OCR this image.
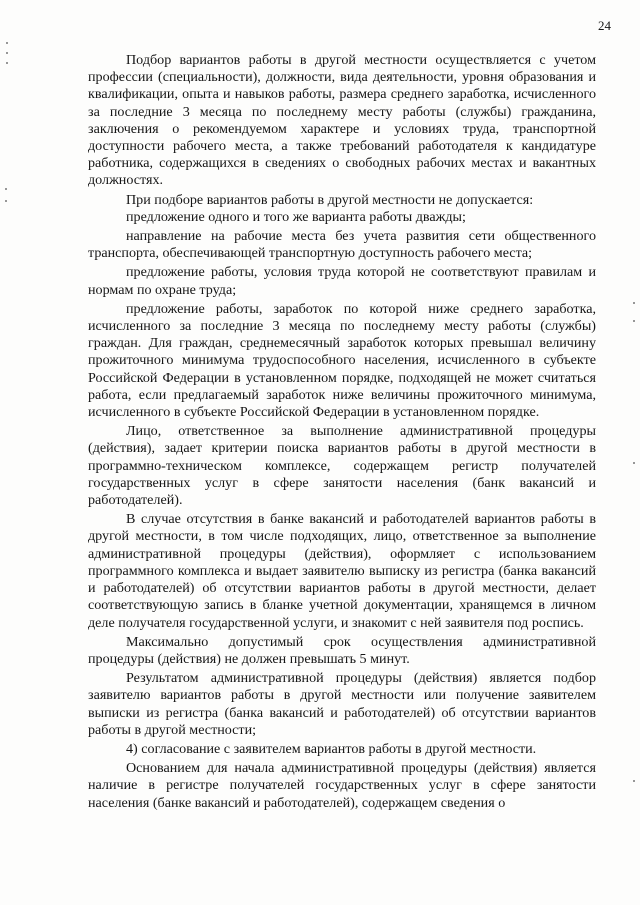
24

Подбор вариантов работы в другой местности осуществляется с учетом профессии (специальности), должности, вида деятельности, уровня образования и квалификации, опыта и навыков работы, размера среднего заработка, исчисленного за последние 3 месяца по последнему месту работы (службы) гражданина, заключения о рекомендуемом характере и условиях труда, транспортной доступности рабочего места, а также требований работодателя к кандидатуре работника, содержащихся в сведениях о свободных рабочих местах и вакантных должностях.

При подборе вариантов работы в другой местности не допускается:

предложение одного и того же варианта работы дважды;

направление на рабочие места без учета развития сети общественного транспорта, обеспечивающей транспортную доступность рабочего места;

предложение работы, условия труда которой не соответствуют правилам и нормам по охране труда;

предложение работы, заработок по которой ниже среднего заработка, исчисленного за последние 3 месяца по последнему месту работы (службы) граждан. Для граждан, среднемесячный заработок которых превышал величину прожиточного минимума трудоспособного населения, исчисленного в субъекте Российской Федерации в установленном порядке, подходящей не может считаться работа, если предлагаемый заработок ниже величины прожиточного минимума, исчисленного в субъекте Российской Федерации в установленном порядке.

Лицо, ответственное за выполнение административной процедуры (действия), задает критерии поиска вариантов работы в другой местности в программно-техническом комплексе, содержащем регистр получателей государственных услуг в сфере занятости населения (банк вакансий и работодателей).

В случае отсутствия в банке вакансий и работодателей вариантов работы в другой местности, в том числе подходящих, лицо, ответственное за выполнение административной процедуры (действия), оформляет с использованием программного комплекса и выдает заявителю выписку из регистра (банка вакансий и работодателей) об отсутствии вариантов работы в другой местности, делает соответствующую запись в бланке учетной документации, хранящемся в личном деле получателя государственной услуги, и знакомит с ней заявителя под роспись.

Максимально допустимый срок осуществления административной процедуры (действия) не должен превышать 5 минут.

Результатом административной процедуры (действия) является подбор заявителю вариантов работы в другой местности или получение заявителем выписки из регистра (банка вакансий и работодателей) об отсутствии вариантов работы в другой местности;

4) согласование с заявителем вариантов работы в другой местности.

Основанием для начала административной процедуры (действия) является наличие в регистре получателей государственных услуг в сфере занятости населения (банке вакансий и работодателей), содержащем сведения о
